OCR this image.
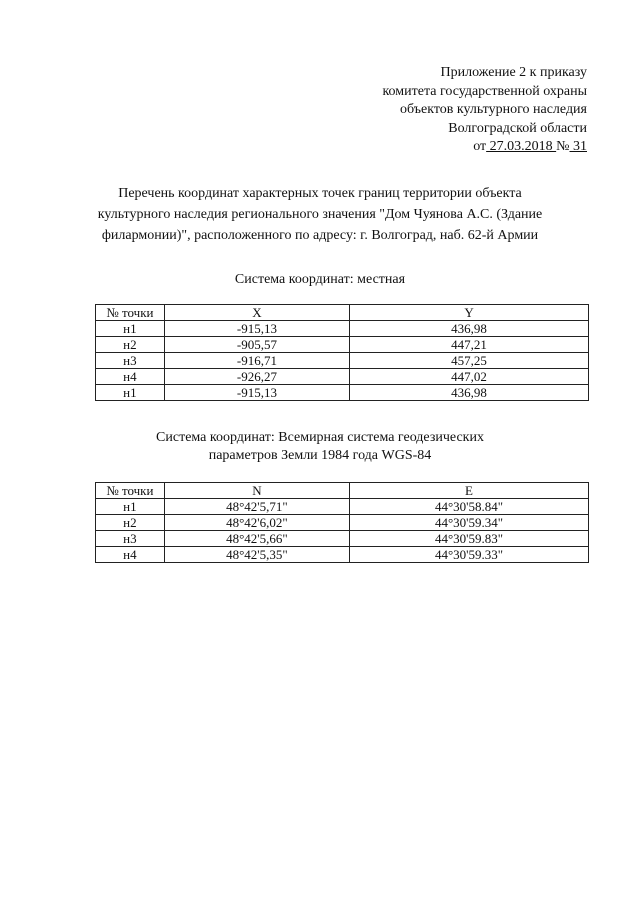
Приложение 2 к приказу
комитета государственной охраны
объектов культурного наследия
Волгоградской области
от 27.03.2018 № 31
Перечень координат характерных точек границ территории объекта
культурного наследия регионального значения "Дом Чуянова А.С. (Здание
филармонии)", расположенного по адресу: г. Волгоград, наб. 62-й Армии
Система координат: местная
№ точки	X	Y
н1	-915,13	436,98
н2	-905,57	447,21
н3	-916,71	457,25
н4	-926,27	447,02
н1	-915,13	436,98
Система координат: Всемирная система геодезических
параметров Земли 1984 года WGS-84
№ точки	N	E
н1	48°42'5,71"	44°30'58.84"
н2	48°42'6,02"	44°30'59.34"
н3	48°42'5,66"	44°30'59.83"
н4	48°42'5,35"	44°30'59.33"
